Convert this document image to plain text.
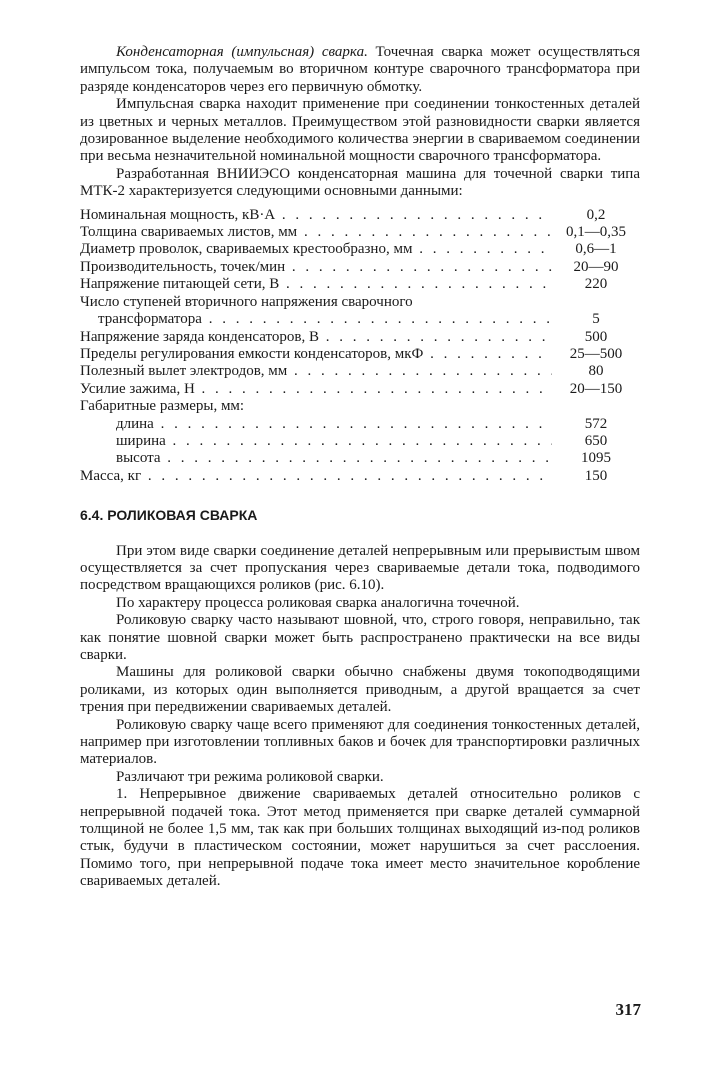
Конденсаторная (импульсная) сварка. Точечная сварка может осуществляться импульсом тока, получаемым во вторичном контуре сварочного трансформатора при разряде конденсаторов через его первичную обмотку.

Импульсная сварка находит применение при соединении тонкостенных деталей из цветных и черных металлов. Преимуществом этой разновидности сварки является дозированное выделение необходимого количества энергии в свариваемом соединении при весьма незначительной номинальной мощности сварочного трансформатора.

Разработанная ВНИИЭСО конденсаторная машина для точечной сварки типа МТК-2 характеризуется следующими основными данными:

Номинальная мощность, кВ·А . . .	0,2
Толщина свариваемых листов, мм . . .	0,1—0,35
Диаметр проволок, свариваемых крестообразно, мм . . .	0,6—1
Производительность, точек/мин . . .	20—90
Напряжение питающей сети, В . . .	220
Число ступеней вторичного напряжения сварочного
трансформатора . . .	5
Напряжение заряда конденсаторов, В . . .	500
Пределы регулирования емкости конденсаторов, мкФ . . .	25—500
Полезный вылет электродов, мм . . .	80
Усилие зажима, Н . . .	20—150
Габаритные размеры, мм:
длина . . .	572
ширина . . .	650
высота . . .	1095
Масса, кг . . .	150
6.4. РОЛИКОВАЯ СВАРКА

При этом виде сварки соединение деталей непрерывным или прерывистым швом осуществляется за счет пропускания через свариваемые детали тока, подводимого посредством вращающихся роликов (рис. 6.10).

По характеру процесса роликовая сварка аналогична точечной.

Роликовую сварку часто называют шовной, что, строго говоря, неправильно, так как понятие шовной сварки может быть распространено практически на все виды сварки.

Машины для роликовой сварки обычно снабжены двумя токоподводящими роликами, из которых один выполняется приводным, а другой вращается за счет трения при передвижении свариваемых деталей.

Роликовую сварку чаще всего применяют для соединения тонкостенных деталей, например при изготовлении топливных баков и бочек для транспортировки различных материалов.

Различают три режима роликовой сварки.

1. Непрерывное движение свариваемых деталей относительно роликов с непрерывной подачей тока. Этот метод применяется при сварке деталей суммарной толщиной не более 1,5 мм, так как при больших толщинах выходящий из-под роликов стык, будучи в пластическом состоянии, может нарушиться за счет расслоения. Помимо того, при непрерывной подаче тока имеет место значительное коробление свариваемых деталей.

317
